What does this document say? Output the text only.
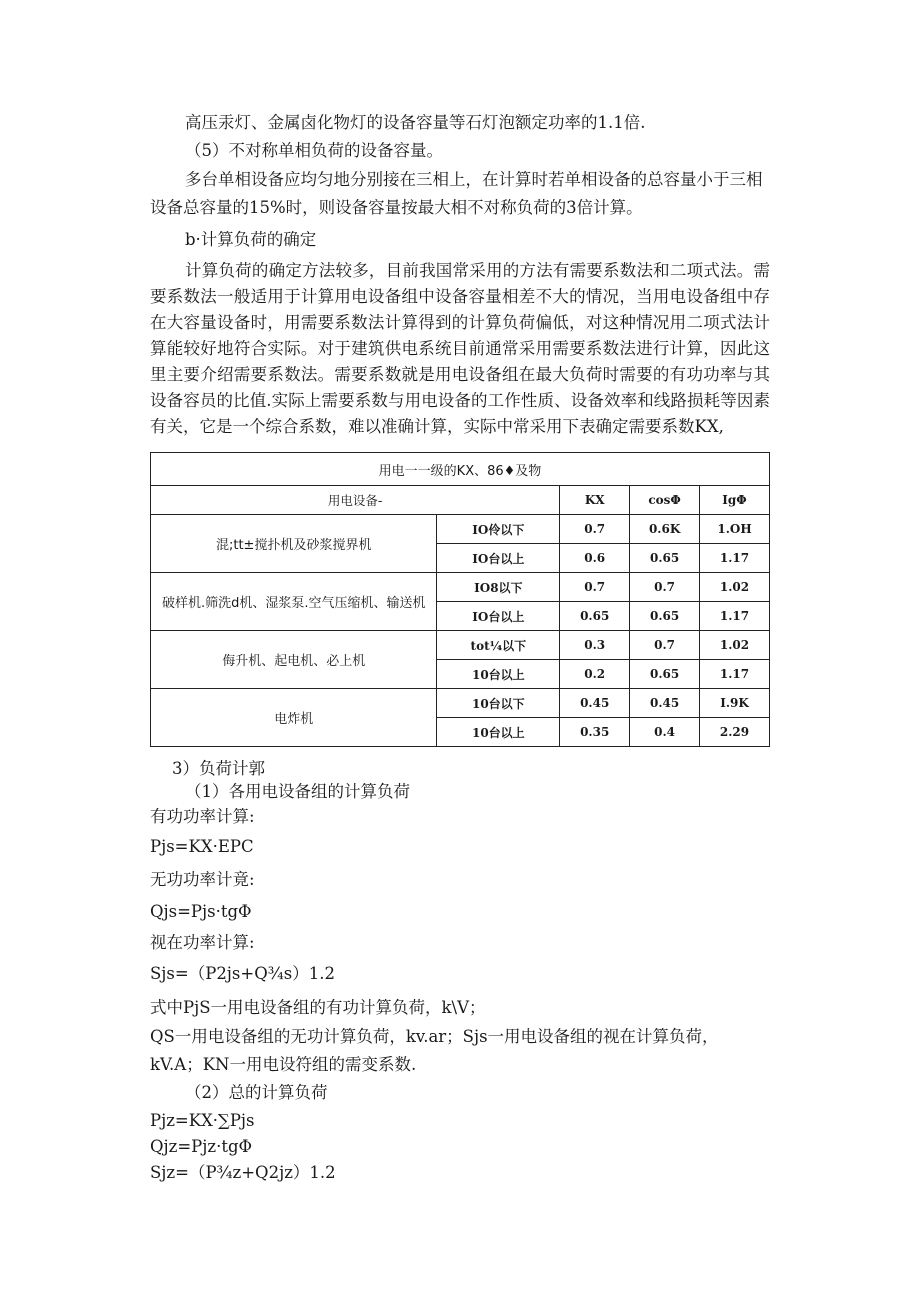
高压汞灯、金属卤化物灯的设备容量等石灯泡额定功率的1.1倍.
（5）不对称单相负荷的设备容量。
多台单相设备应均匀地分别接在三相上，在计算时若单相设备的总容量小于三相
设备总容量的15%时，则设备容量按最大相不对称负荷的3倍计算。
b·计算负荷的确定
计算负荷的确定方法较多，目前我国常采用的方法有需要系数法和二项式法。需要系数法一般适用于计算用电设备组中设备容量相差不大的情况，当用电设备组中存在大容量设备时，用需要系数法计算得到的计算负荷偏低，对这种情况用二项式法计算能较好地符合实际。对于建筑供电系统目前通常采用需要系数法进行计算，因此这里主要介绍需要系数法。需要系数就是用电设备组在最大负荷时需要的有功功率与其设备容员的比值.实际上需要系数与用电设备的工作性质、设备效率和线路损耗等因素有关，它是一个综合系数，难以准确计算，实际中常采用下表确定需要系数KX,
用电一一级的KX、86♦及物				
用电设备-		KX	cosΦ	IgΦ
混;tt±搅扑机及砂浆搅界机	IO伶以下	0.7	0.6K	1.OH
	IO台以上	0.6	0.65	1.17
破样机.筛洗d机、湿浆泵.空气压缩机、输送机	IO8以下	0.7	0.7	1.02
	IO台以上	0.65	0.65	1.17
侮升机、起电机、必上机	tot¼以下	0.3	0.7	1.02
	10台以上	0.2	0.65	1.17
电炸机	10台以下	0.45	0.45	I.9K
	10台以上	0.35	0.4	2.29
3）负荷计郭
（1）各用电设备组的计算负荷
有功功率计算:
Pjs=KX·EPC
无功功率计竟:
Qjs=Pjs·tgΦ
视在功率计算:
Sjs=（P2js+Q¾s）1.2
式中PjS一用电设备组的有功计算负荷，k\V；
QS一用电设备组的无功计算负荷，kv.ar；Sjs一用电设备组的视在计算负荷，
kV.A；KN一用电设符组的需变系数.
（2）总的计算负荷
Pjz=KX·∑Pjs
Qjz=Pjz·tgΦ
Sjz=（P¾z+Q2jz）1.2
